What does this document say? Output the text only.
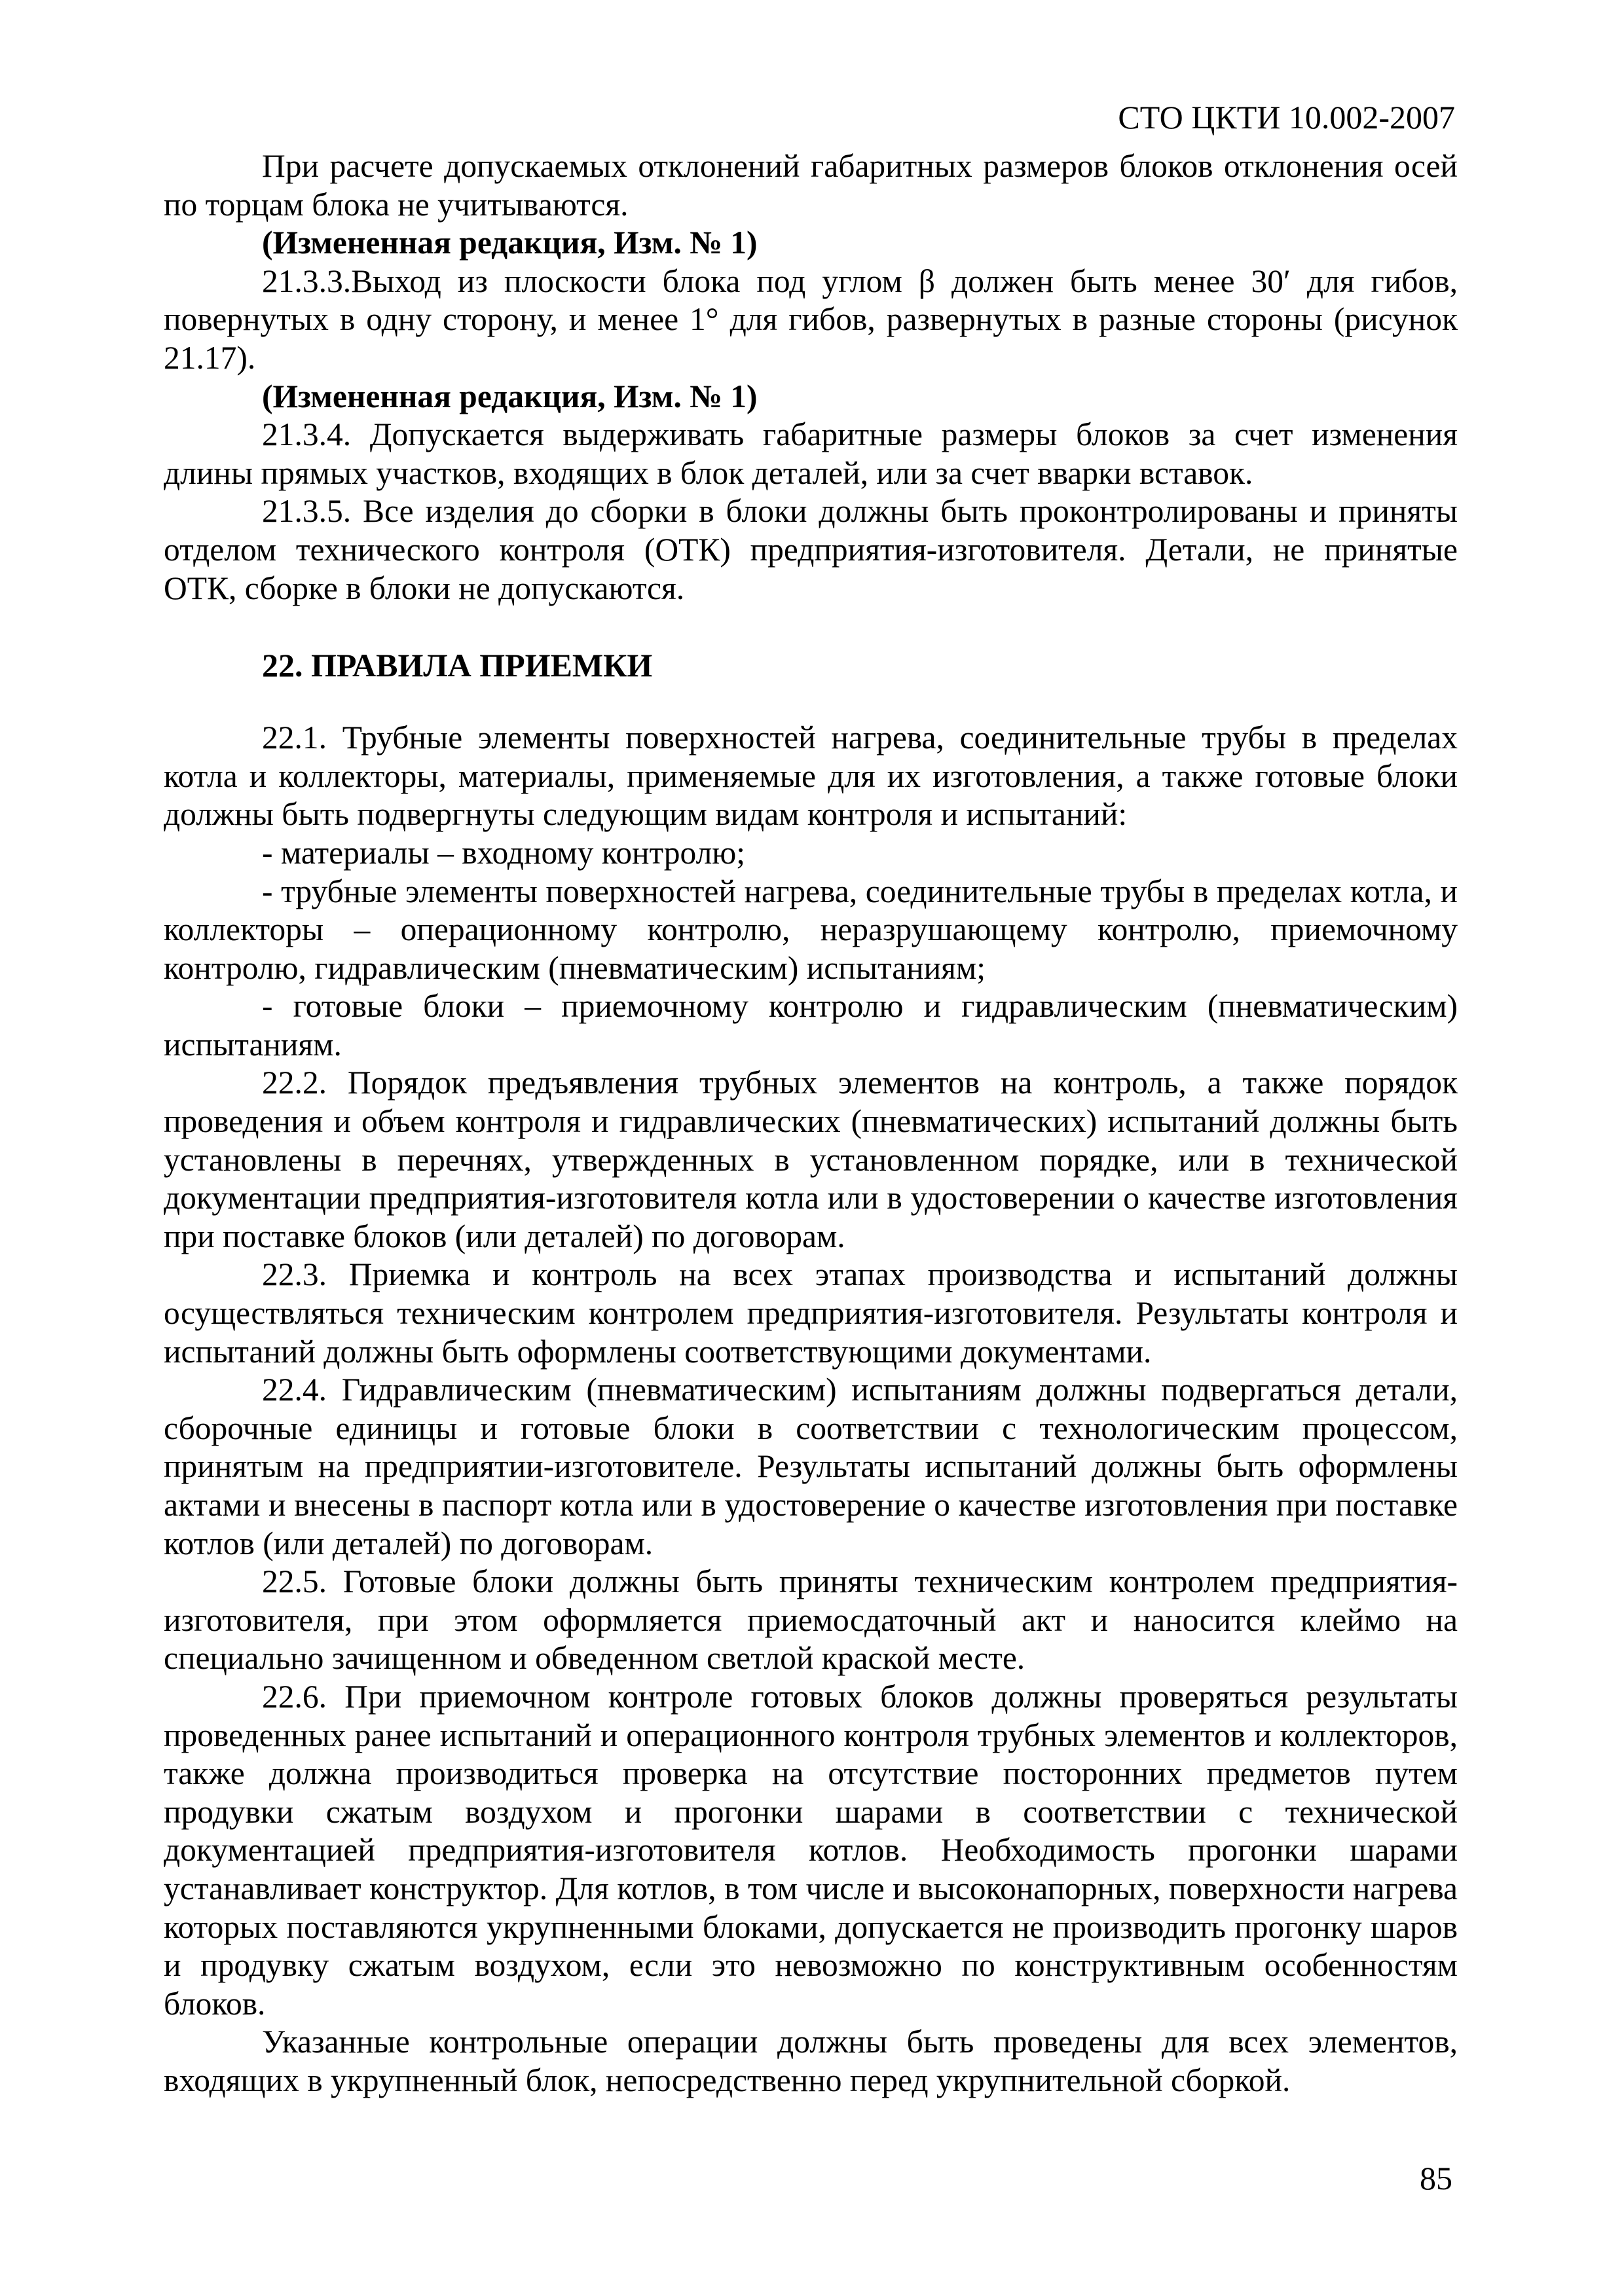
СТО ЦКТИ 10.002-2007

При расчете допускаемых отклонений габаритных размеров блоков отклонения осей по торцам блока не учитываются.

(Измененная редакция, Изм. № 1)

21.3.3.Выход из плоскости блока под углом β должен быть менее 30′ для гибов, повернутых в одну сторону, и менее 1° для гибов, развернутых в разные стороны (рисунок 21.17).

(Измененная редакция, Изм. № 1)

21.3.4. Допускается выдерживать габаритные размеры блоков за счет изменения длины прямых участков, входящих в блок деталей, или за счет вварки вставок.

21.3.5. Все изделия до сборки в блоки должны быть проконтролированы и приняты отделом технического контроля (ОТК) предприятия-изготовителя. Детали, не принятые ОТК, сборке в блоки не допускаются.

22. ПРАВИЛА ПРИЕМКИ

22.1. Трубные элементы поверхностей нагрева, соединительные трубы в пределах котла и коллекторы, материалы, применяемые для их изготовления, а также готовые блоки должны быть подвергнуты следующим видам контроля и испытаний:

- материалы – входному контролю;

- трубные элементы поверхностей нагрева, соединительные трубы в пределах котла, и коллекторы – операционному контролю, неразрушающему контролю, приемочному контролю, гидравлическим (пневматическим) испытаниям;

- готовые блоки – приемочному контролю и гидравлическим (пневматическим) испытаниям.

22.2. Порядок предъявления трубных элементов на контроль, а также порядок проведения и объем контроля и гидравлических (пневматических) испытаний должны быть установлены в перечнях, утвержденных в установленном порядке, или в технической документации предприятия-изготовителя котла или в удостоверении о качестве изготовления при поставке блоков (или деталей) по договорам.

22.3. Приемка и контроль на всех этапах производства и испытаний должны осуществляться техническим контролем предприятия-изготовителя. Результаты контроля и испытаний должны быть оформлены соответствующими документами.

22.4. Гидравлическим (пневматическим) испытаниям должны подвергаться детали, сборочные единицы и готовые блоки в соответствии с технологическим процессом, принятым на предприятии-изготовителе. Результаты испытаний должны быть оформлены актами и внесены в паспорт котла или в удостоверение о качестве изготовления при поставке котлов (или деталей) по договорам.

22.5. Готовые блоки должны быть приняты техническим контролем предприятия-изготовителя, при этом оформляется приемосдаточный акт и наносится клеймо на специально зачищенном и обведенном светлой краской месте.

22.6. При приемочном контроле готовых блоков должны проверяться результаты проведенных ранее испытаний и операционного контроля трубных элементов и коллекторов, также должна производиться проверка на отсутствие посторонних предметов путем продувки сжатым воздухом и прогонки шарами в соответствии с технической документацией предприятия-изготовителя котлов. Необходимость прогонки шарами устанавливает конструктор. Для котлов, в том числе и высоконапорных, поверхности нагрева которых поставляются укрупненными блоками, допускается не производить прогонку шаров и продувку сжатым воздухом, если это невозможно по конструктивным особенностям блоков.

Указанные контрольные операции должны быть проведены для всех элементов, входящих в укрупненный блок, непосредственно перед укрупнительной сборкой.

85
